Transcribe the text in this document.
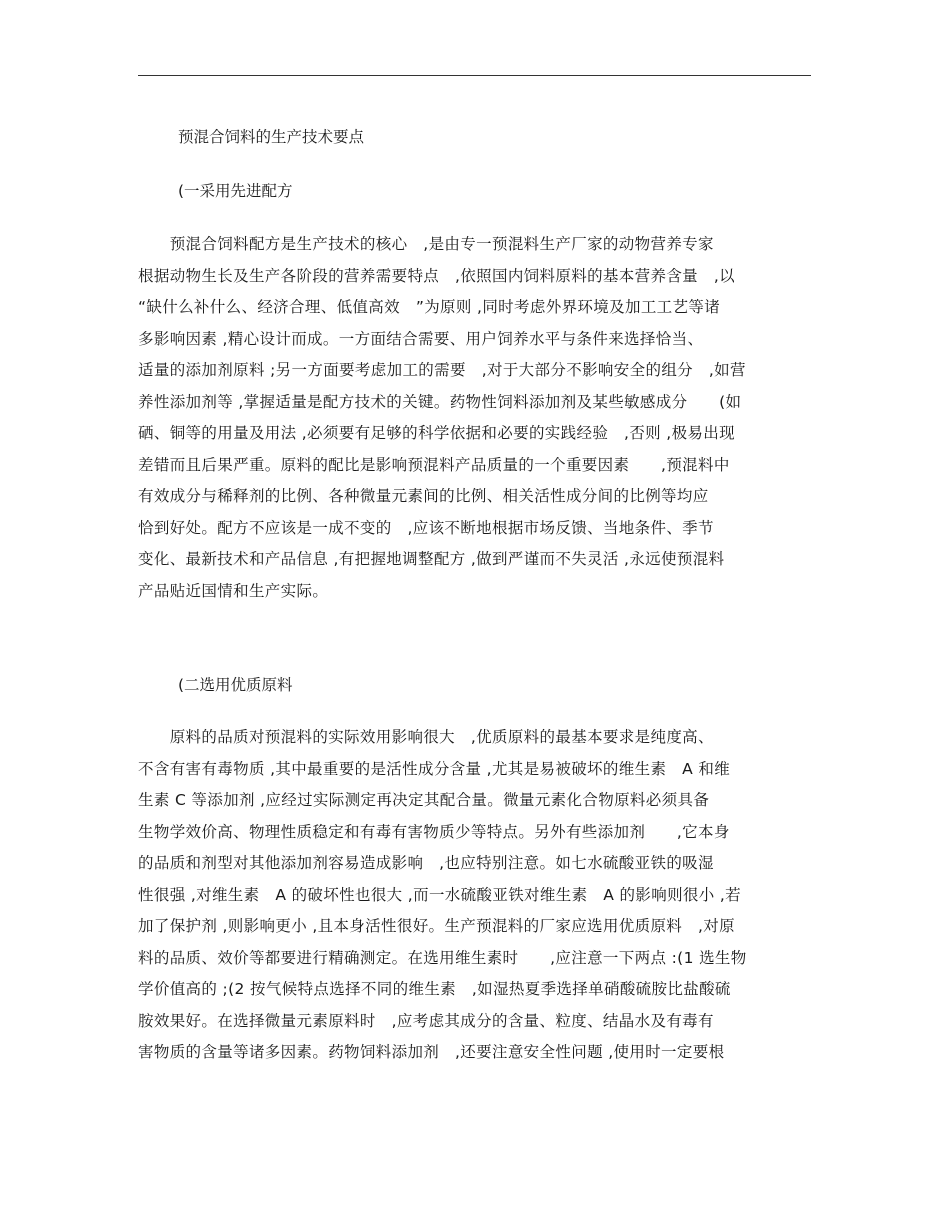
预混合饲料的生产技术要点
(一采用先进配方
　　预混合饲料配方是生产技术的核心　,是由专一预混料生产厂家的动物营养专家
根据动物生长及生产各阶段的营养需要特点　,依照国内饲料原料的基本营养含量　,以
“缺什么补什么、经济合理、低值高效　”为原则 ,同时考虑外界环境及加工工艺等诸
多影响因素 ,精心设计而成。一方面结合需要、用户饲养水平与条件来选择恰当、
适量的添加剂原料 ;另一方面要考虑加工的需要　,对于大部分不影响安全的组分　,如营
养性添加剂等 ,掌握适量是配方技术的关键。药物性饲料添加剂及某些敏感成分　　(如
硒、铜等的用量及用法 ,必须要有足够的科学依据和必要的实践经验　,否则 ,极易出现
差错而且后果严重。原料的配比是影响预混料产品质量的一个重要因素　　,预混料中
有效成分与稀释剂的比例、各种微量元素间的比例、相关活性成分间的比例等均应
恰到好处。配方不应该是一成不变的　,应该不断地根据市场反馈、当地条件、季节
变化、最新技术和产品信息 ,有把握地调整配方 ,做到严谨而不失灵活 ,永远使预混料
产品贴近国情和生产实际。
(二选用优质原料
　　原料的品质对预混料的实际效用影响很大　,优质原料的最基本要求是纯度高、
不含有害有毒物质 ,其中最重要的是活性成分含量 ,尤其是易被破坏的维生素　A 和维
生素 C 等添加剂 ,应经过实际测定再决定其配合量。微量元素化合物原料必须具备
生物学效价高、物理性质稳定和有毒有害物质少等特点。另外有些添加剂　　,它本身
的品质和剂型对其他添加剂容易造成影响　,也应特别注意。如七水硫酸亚铁的吸湿
性很强 ,对维生素　A 的破坏性也很大 ,而一水硫酸亚铁对维生素　A 的影响则很小 ,若
加了保护剂 ,则影响更小 ,且本身活性很好。生产预混料的厂家应选用优质原料　,对原
料的品质、效价等都要进行精确测定。在选用维生素时　　,应注意一下两点 :(1 选生物
学价值高的 ;(2 按气候特点选择不同的维生素　,如湿热夏季选择单硝酸硫胺比盐酸硫
胺效果好。在选择微量元素原料时　,应考虑其成分的含量、粒度、结晶水及有毒有
害物质的含量等诸多因素。药物饲料添加剂　,还要注意安全性问题 ,使用时一定要根
